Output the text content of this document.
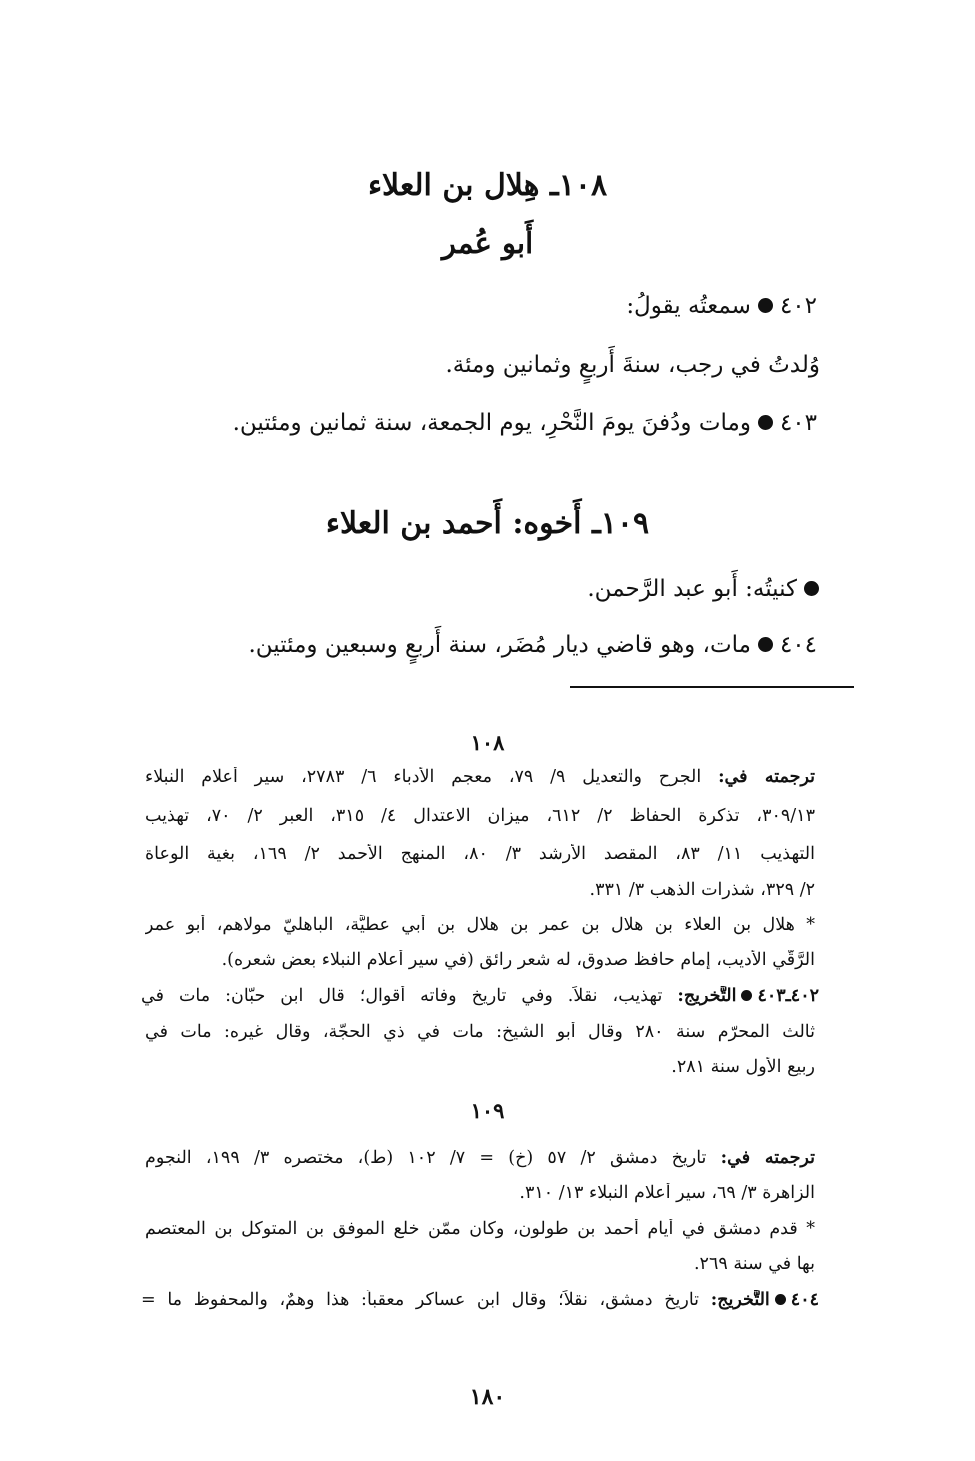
١٠٨ـ هِلال بن العلاء
أَبو عُمر
٤٠٢سمعتُه يقولُ:
وُلدتُ في رجب، سنةَ أَربعٍ وثمانين ومئة.
٤٠٣ومات ودُفنَ يومَ النَّحْرِ، يوم الجمعة، سنة ثمانين ومئتين.
١٠٩ـ أَخوه: أَحمد بن العلاء
كنيتُه: أَبو عبد الرَّحمن.
٤٠٤مات، وهو قاضي ديار مُضَر، سنة أَربعٍ وسبعين ومئتين.
١٠٨
ترجمته في: الجرح والتعديل ٩/ ٧٩، معجم الأدباء ٦/ ٢٧٨٣، سير أَعلام النبلاء
٣٠٩/١٣، تذكرة الحفاظ ٢/ ٦١٢، ميزان الاعتدال ٤/ ٣١٥، العبر ٢/ ٧٠، تهذيب
التهذيب ١١/ ٨٣، المقصد الأرشد ٣/ ٨٠، المنهج الأحمد ٢/ ١٦٩، بغية الوعاة
٢/ ٣٢٩، شذرات الذهب ٣/ ٣٣١.
* هلال بن العلاء بن هلال بن عمر بن هلال بن أَبي عطيَّة، الباهليّ مولاهم، أَبو عمر
الرَّقّي الأديب، إمام حافظ صدوق، له شعر رائق (في سير أَعلام النبلاء بعض شعره).
٤٠٢ـ٤٠٣التَّخريج: تهذيب، نقلاً. وفي تاريخ وفاته أَقوال؛ قال ابن حبّان: مات في
ثالث المحرّم سنة ٢٨٠ وقال أَبو الشيخ: مات في ذي الحجّة، وقال غيره: مات في
ربيع الأول سنة ٢٨١.
١٠٩
ترجمته في: تاريخ دمشق ٢/ ٥٧ (خ) = ٧/ ١٠٢ (ط)، مختصره ٣/ ١٩٩، النجوم
الزاهرة ٣/ ٦٩، سير أَعلام النبلاء ١٣/ ٣١٠.
* قدم دمشق في أَيام أَحمد بن طولون، وكان ممّن خلع الموفق بن المتوكل بن المعتصم
بها في سنة ٢٦٩.
٤٠٤التَّخريج: تاريخ دمشق، نقلاً؛ وقال ابن عساكر معقباً: هذا وهمٌ، والمحفوظ ما =
١٨٠
